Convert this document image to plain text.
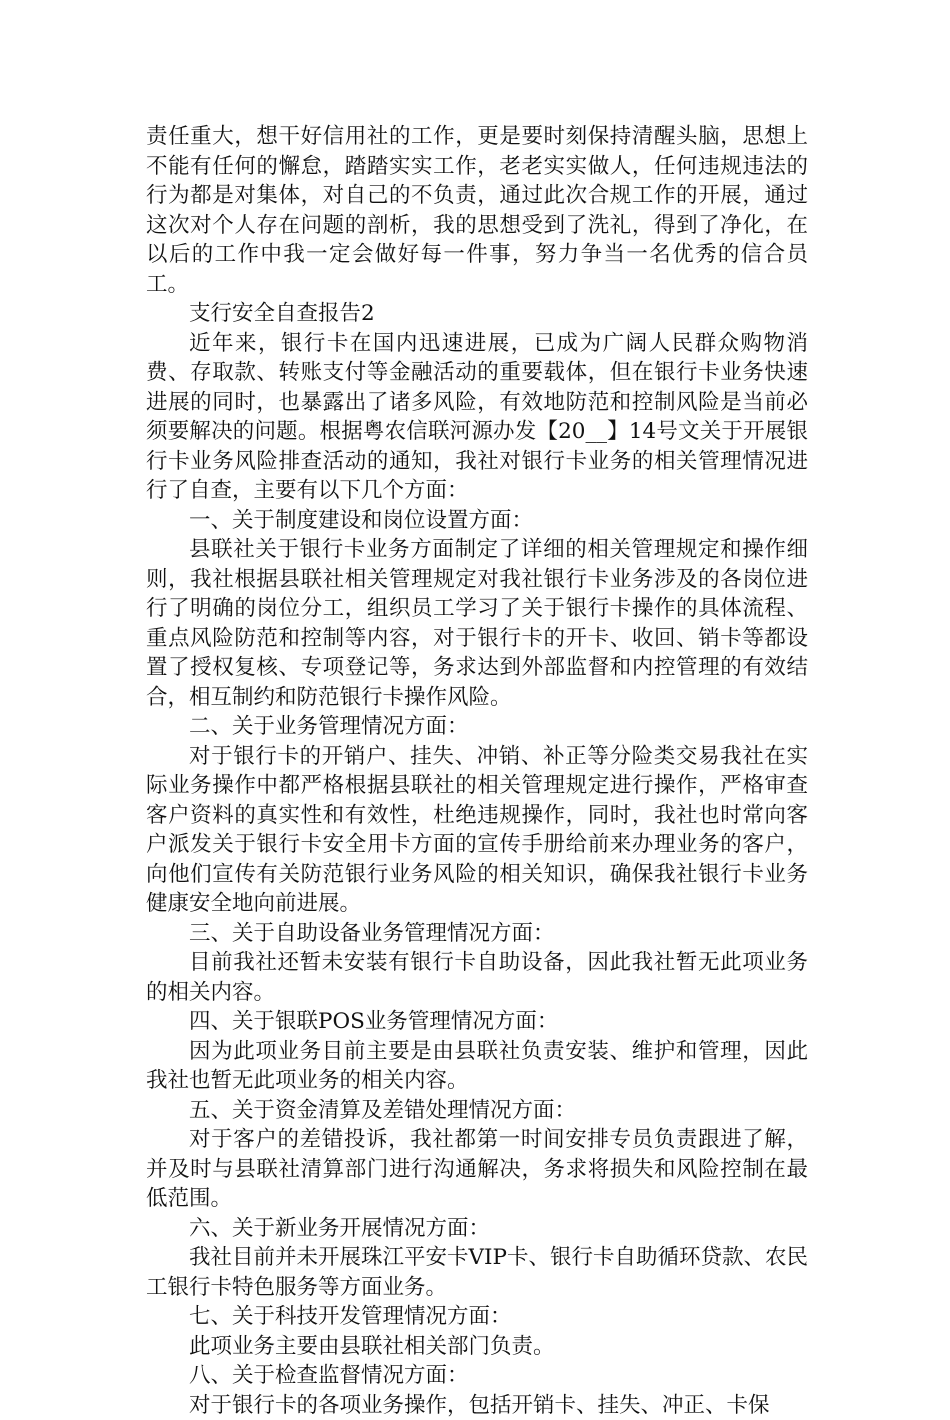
责任重大，想干好信用社的工作，更是要时刻保持清醒头脑，思想上不能有任何的懈怠，踏踏实实工作，老老实实做人，任何违规违法的行为都是对集体，对自己的不负责，通过此次合规工作的开展，通过这次对个人存在问题的剖析，我的思想受到了洗礼，得到了净化，在以后的工作中我一定会做好每一件事，努力争当一名优秀的信合员工。

支行安全自查报告2

近年来，银行卡在国内迅速进展，已成为广阔人民群众购物消费、存取款、转账支付等金融活动的重要载体，但在银行卡业务快速进展的同时，也暴露出了诸多风险，有效地防范和控制风险是当前必须要解决的问题。根据粤农信联河源办发【20__】14号文关于开展银行卡业务风险排查活动的通知，我社对银行卡业务的相关管理情况进行了自查，主要有以下几个方面：

一、关于制度建设和岗位设置方面：

县联社关于银行卡业务方面制定了详细的相关管理规定和操作细则，我社根据县联社相关管理规定对我社银行卡业务涉及的各岗位进行了明确的岗位分工，组织员工学习了关于银行卡操作的具体流程、重点风险防范和控制等内容，对于银行卡的开卡、收回、销卡等都设置了授权复核、专项登记等，务求达到外部监督和内控管理的有效结合，相互制约和防范银行卡操作风险。

二、关于业务管理情况方面：

对于银行卡的开销户、挂失、冲销、补正等分险类交易我社在实际业务操作中都严格根据县联社的相关管理规定进行操作，严格审查客户资料的真实性和有效性，杜绝违规操作，同时，我社也时常向客户派发关于银行卡安全用卡方面的宣传手册给前来办理业务的客户，向他们宣传有关防范银行业务风险的相关知识，确保我社银行卡业务健康安全地向前进展。

三、关于自助设备业务管理情况方面：

目前我社还暂未安装有银行卡自助设备，因此我社暂无此项业务的相关内容。

四、关于银联POS业务管理情况方面：

因为此项业务目前主要是由县联社负责安装、维护和管理，因此我社也暂无此项业务的相关内容。

五、关于资金清算及差错处理情况方面：

对于客户的差错投诉，我社都第一时间安排专员负责跟进了解，并及时与县联社清算部门进行沟通解决，务求将损失和风险控制在最低范围。

六、关于新业务开展情况方面：

我社目前并未开展珠江平安卡VIP卡、银行卡自助循环贷款、农民工银行卡特色服务等方面业务。

七、关于科技开发管理情况方面：

此项业务主要由县联社相关部门负责。

八、关于检查监督情况方面：

对于银行卡的各项业务操作，包括开销卡、挂失、冲正、卡保
